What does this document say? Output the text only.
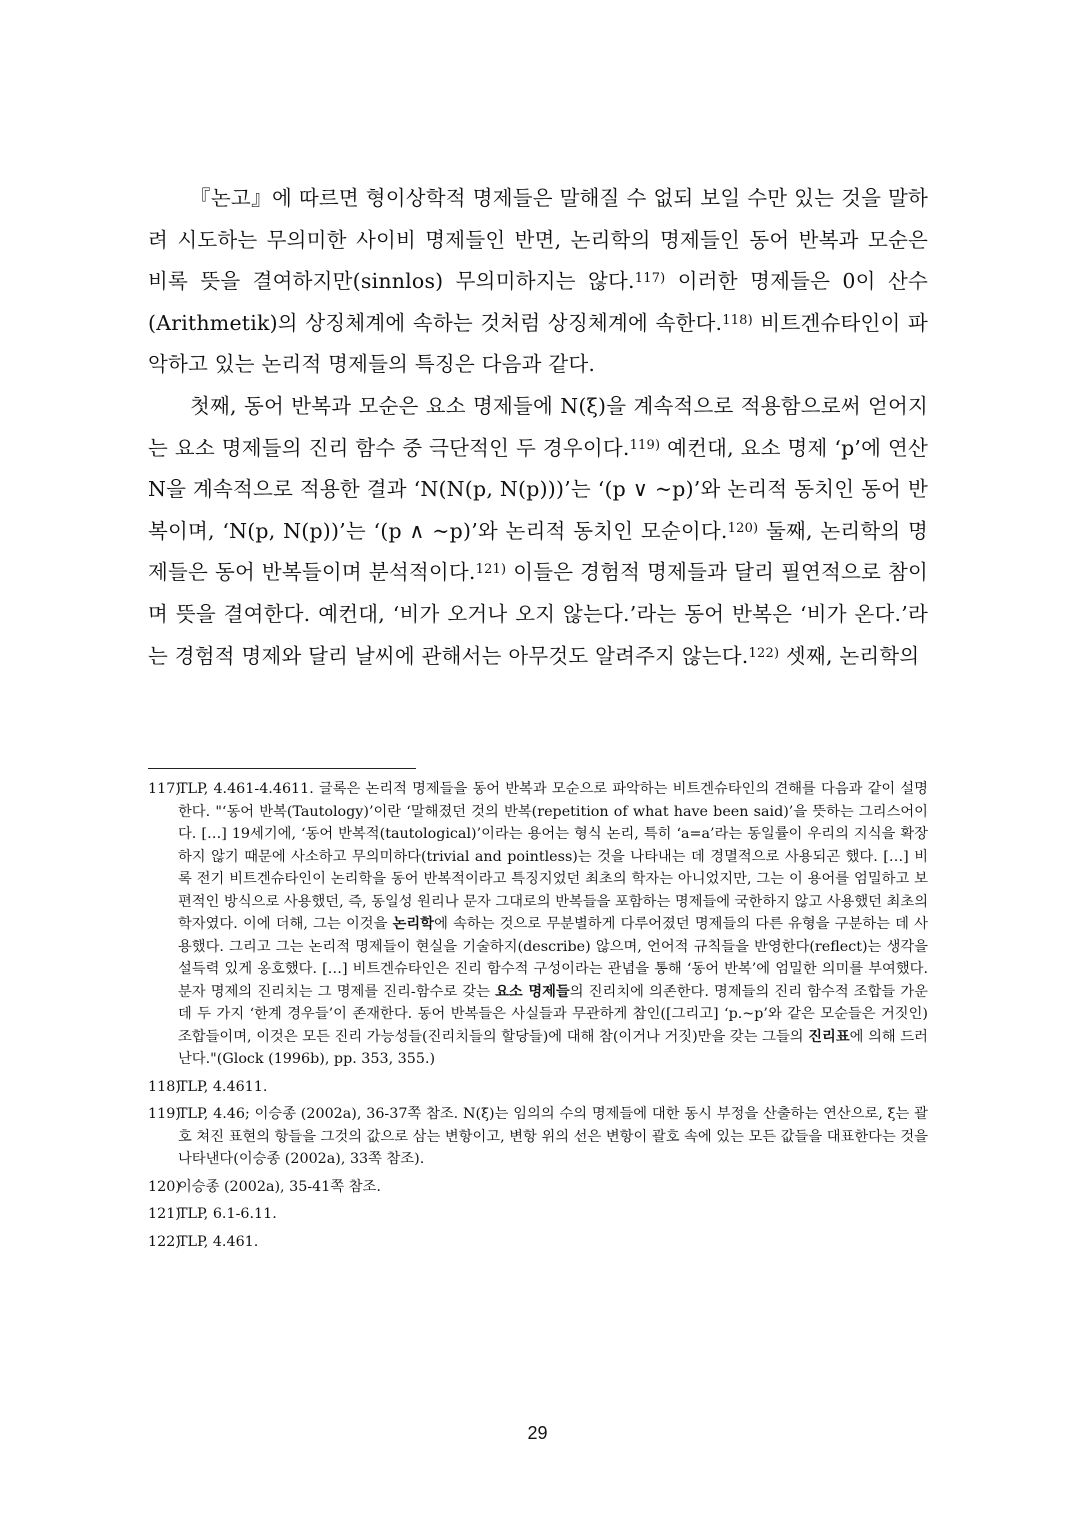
『논고』에 따르면 형이상학적 명제들은 말해질 수 없되 보일 수만 있는 것을 말하려 시도하는 무의미한 사이비 명제들인 반면, 논리학의 명제들인 동어 반복과 모순은 비록 뜻을 결여하지만(sinnlos) 무의미하지는 않다.$^{117)}$ 이러한 명제들은 0이 산수(Arithmetik)의 상징체계에 속하는 것처럼 상징체계에 속한다.$^{118)}$ 비트겐슈타인이 파악하고 있는 논리적 명제들의 특징은 다음과 같다.

첫째, 동어 반복과 모순은 요소 명제들에 N(ξ)을 계속적으로 적용함으로써 얻어지는 요소 명제들의 진리 함수 중 극단적인 두 경우이다.$^{119)}$ 예컨대, 요소 명제 ‘p’에 연산 N을 계속적으로 적용한 결과 ‘N(N(p, N(p)))’는 ‘(p ∨ ~p)’와 논리적 동치인 동어 반복이며, ‘N(p, N(p))’는 ‘(p ∧ ~p)’와 논리적 동치인 모순이다.$^{120)}$ 둘째, 논리학의 명제들은 동어 반복들이며 분석적이다.$^{121)}$ 이들은 경험적 명제들과 달리 필연적으로 참이며 뜻을 결여한다. 예컨대, ‘비가 오거나 오지 않는다.’라는 동어 반복은 ‘비가 온다.’라는 경험적 명제와 달리 날씨에 관해서는 아무것도 알려주지 않는다.$^{122)}$ 셋째, 논리학의

117)
TLP, 4.461-4.4611. 글록은 논리적 명제들을 동어 반복과 모순으로 파악하는 비트겐슈타인의 견해를 다음과 같이 설명한다. "‘동어 반복(Tautology)’이란 ‘말해졌던 것의 반복(repetition of what have been said)’을 뜻하는 그리스어이다. […] 19세기에, ‘동어 반복적(tautological)’이라는 용어는 형식 논리, 특히 ‘a=a’라는 동일률이 우리의 지식을 확장하지 않기 때문에 사소하고 무의미하다(trivial and pointless)는 것을 나타내는 데 경멸적으로 사용되곤 했다. […] 비록 전기 비트겐슈타인이 논리학을 동어 반복적이라고 특징지었던 최초의 학자는 아니었지만, 그는 이 용어를 엄밀하고 보편적인 방식으로 사용했던, 즉, 동일성 원리나 문자 그대로의 반복들을 포함하는 명제들에 국한하지 않고 사용했던 최초의 학자였다. 이에 더해, 그는 이것을 논리학에 속하는 것으로 무분별하게 다루어졌던 명제들의 다른 유형을 구분하는 데 사용했다. 그리고 그는 논리적 명제들이 현실을 기술하지(describe) 않으며, 언어적 규칙들을 반영한다(reflect)는 생각을 설득력 있게 옹호했다. […] 비트겐슈타인은 진리 함수적 구성이라는 관념을 통해 ‘동어 반복’에 엄밀한 의미를 부여했다. 분자 명제의 진리치는 그 명제를 진리-함수로 갖는 요소 명제들의 진리치에 의존한다. 명제들의 진리 함수적 조합들 가운데 두 가지 ‘한계 경우들’이 존재한다. 동어 반복들은 사실들과 무관하게 참인([그리고] ‘p.~p’와 같은 모순들은 거짓인) 조합들이며, 이것은 모든 진리 가능성들(진리치들의 할당들)에 대해 참(이거나 거짓)만을 갖는 그들의 진리표에 의해 드러난다."(Glock (1996b), pp. 353, 355.)
118)
TLP, 4.4611.
119)
TLP, 4.46; 이승종 (2002a), 36-37쪽 참조. N(ξ̄)는 임의의 수의 명제들에 대한 동시 부정을 산출하는 연산으로, ξ는 괄호 쳐진 표현의 항들을 그것의 값으로 삼는 변항이고, 변항 위의 선은 변항이 괄호 속에 있는 모든 값들을 대표한다는 것을 나타낸다(이승종 (2002a), 33쪽 참조).
120)
이승종 (2002a), 35-41쪽 참조.
121)
TLP, 6.1-6.11.
122)
TLP, 4.461.
29
